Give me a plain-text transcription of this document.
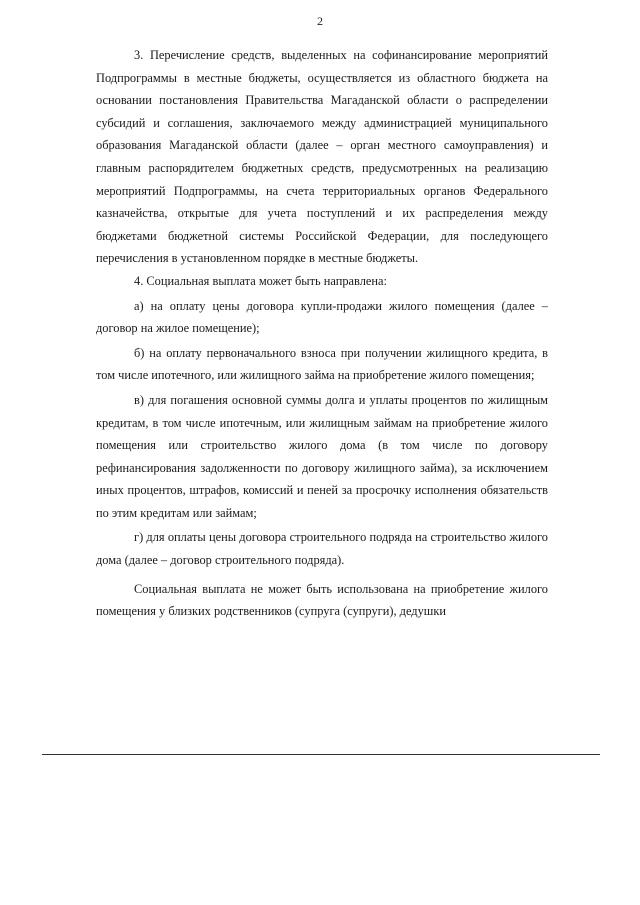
2

3. Перечисление средств, выделенных на софинансирование мероприятий Подпрограммы в местные бюджеты, осуществляется из областного бюджета на основании постановления Правительства Магаданской области о распределении субсидий и соглашения, заключаемого между администрацией муниципального образования Магаданской области (далее – орган местного самоуправления) и главным распорядителем бюджетных средств, предусмотренных на реализацию мероприятий Подпрограммы, на счета территориальных органов Федерального казначейства, открытые для учета поступлений и их распределения между бюджетами бюджетной системы Российской Федерации, для последующего перечисления в установленном порядке в местные бюджеты.

4. Социальная выплата может быть направлена:

а) на оплату цены договора купли-продажи жилого помещения (далее – договор на жилое помещение);

б) на оплату первоначального взноса при получении жилищного кредита, в том числе ипотечного, или жилищного займа на приобретение жилого помещения;

в) для погашения основной суммы долга и уплаты процентов по жилищным кредитам, в том числе ипотечным, или жилищным займам на приобретение жилого помещения или строительство жилого дома (в том числе по договору рефинансирования задолженности по договору жилищного займа), за исключением иных процентов, штрафов, комиссий и пеней за просрочку исполнения обязательств по этим кредитам или займам;

г) для оплаты цены договора строительного подряда на строительство жилого дома (далее – договор строительного подряда).

Социальная выплата не может быть использована на приобретение жилого помещения у близких родственников (супруга (супруги), дедушки
